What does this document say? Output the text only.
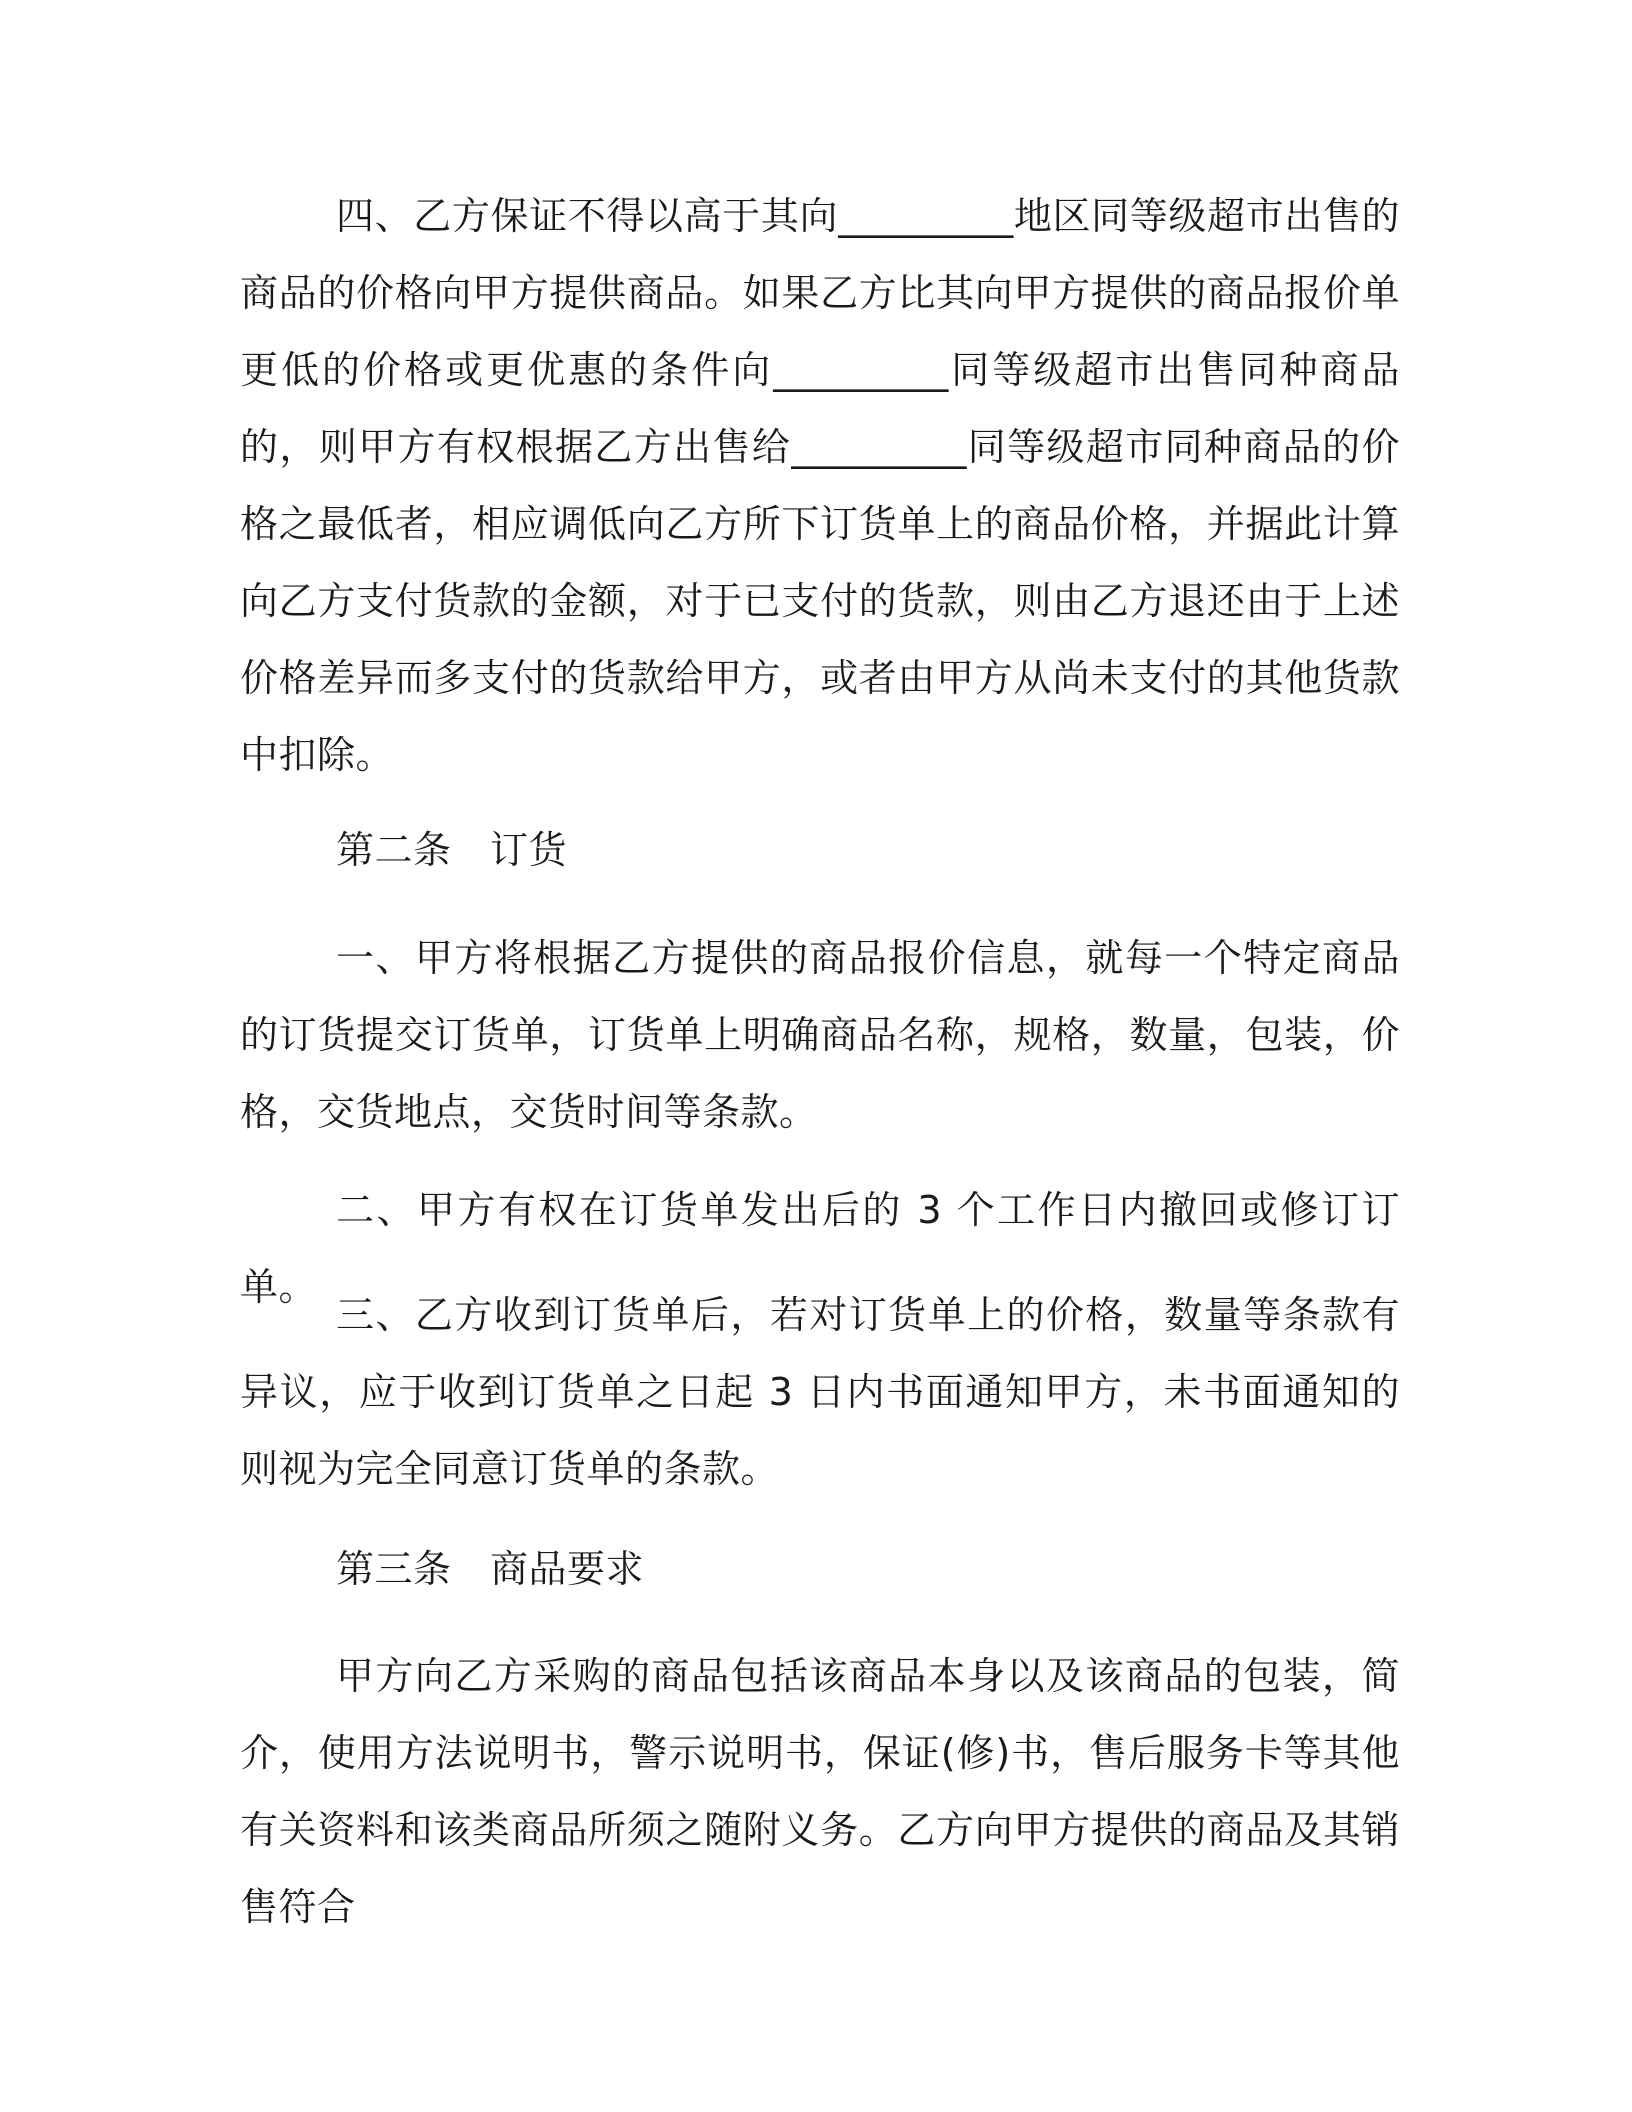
四、乙方保证不得以高于其向_________地区同等级超市出售的商品的价格向甲方提供商品。如果乙方比其向甲方提供的商品报价单更低的价格或更优惠的条件向_________同等级超市出售同种商品的，则甲方有权根据乙方出售给_________同等级超市同种商品的价格之最低者，相应调低向乙方所下订货单上的商品价格，并据此计算向乙方支付货款的金额，对于已支付的货款，则由乙方退还由于上述价格差异而多支付的货款给甲方，或者由甲方从尚未支付的其他货款中扣除。

第二条　订货

一、甲方将根据乙方提供的商品报价信息，就每一个特定商品的订货提交订货单，订货单上明确商品名称，规格，数量，包装，价格，交货地点，交货时间等条款。

二、甲方有权在订货单发出后的 3 个工作日内撤回或修订订单。

三、乙方收到订货单后，若对订货单上的价格，数量等条款有异议，应于收到订货单之日起 3 日内书面通知甲方，未书面通知的则视为完全同意订货单的条款。

第三条　商品要求

甲方向乙方采购的商品包括该商品本身以及该商品的包装，简介，使用方法说明书，警示说明书，保证(修)书，售后服务卡等其他有关资料和该类商品所须之随附义务。乙方向甲方提供的商品及其销售符合
